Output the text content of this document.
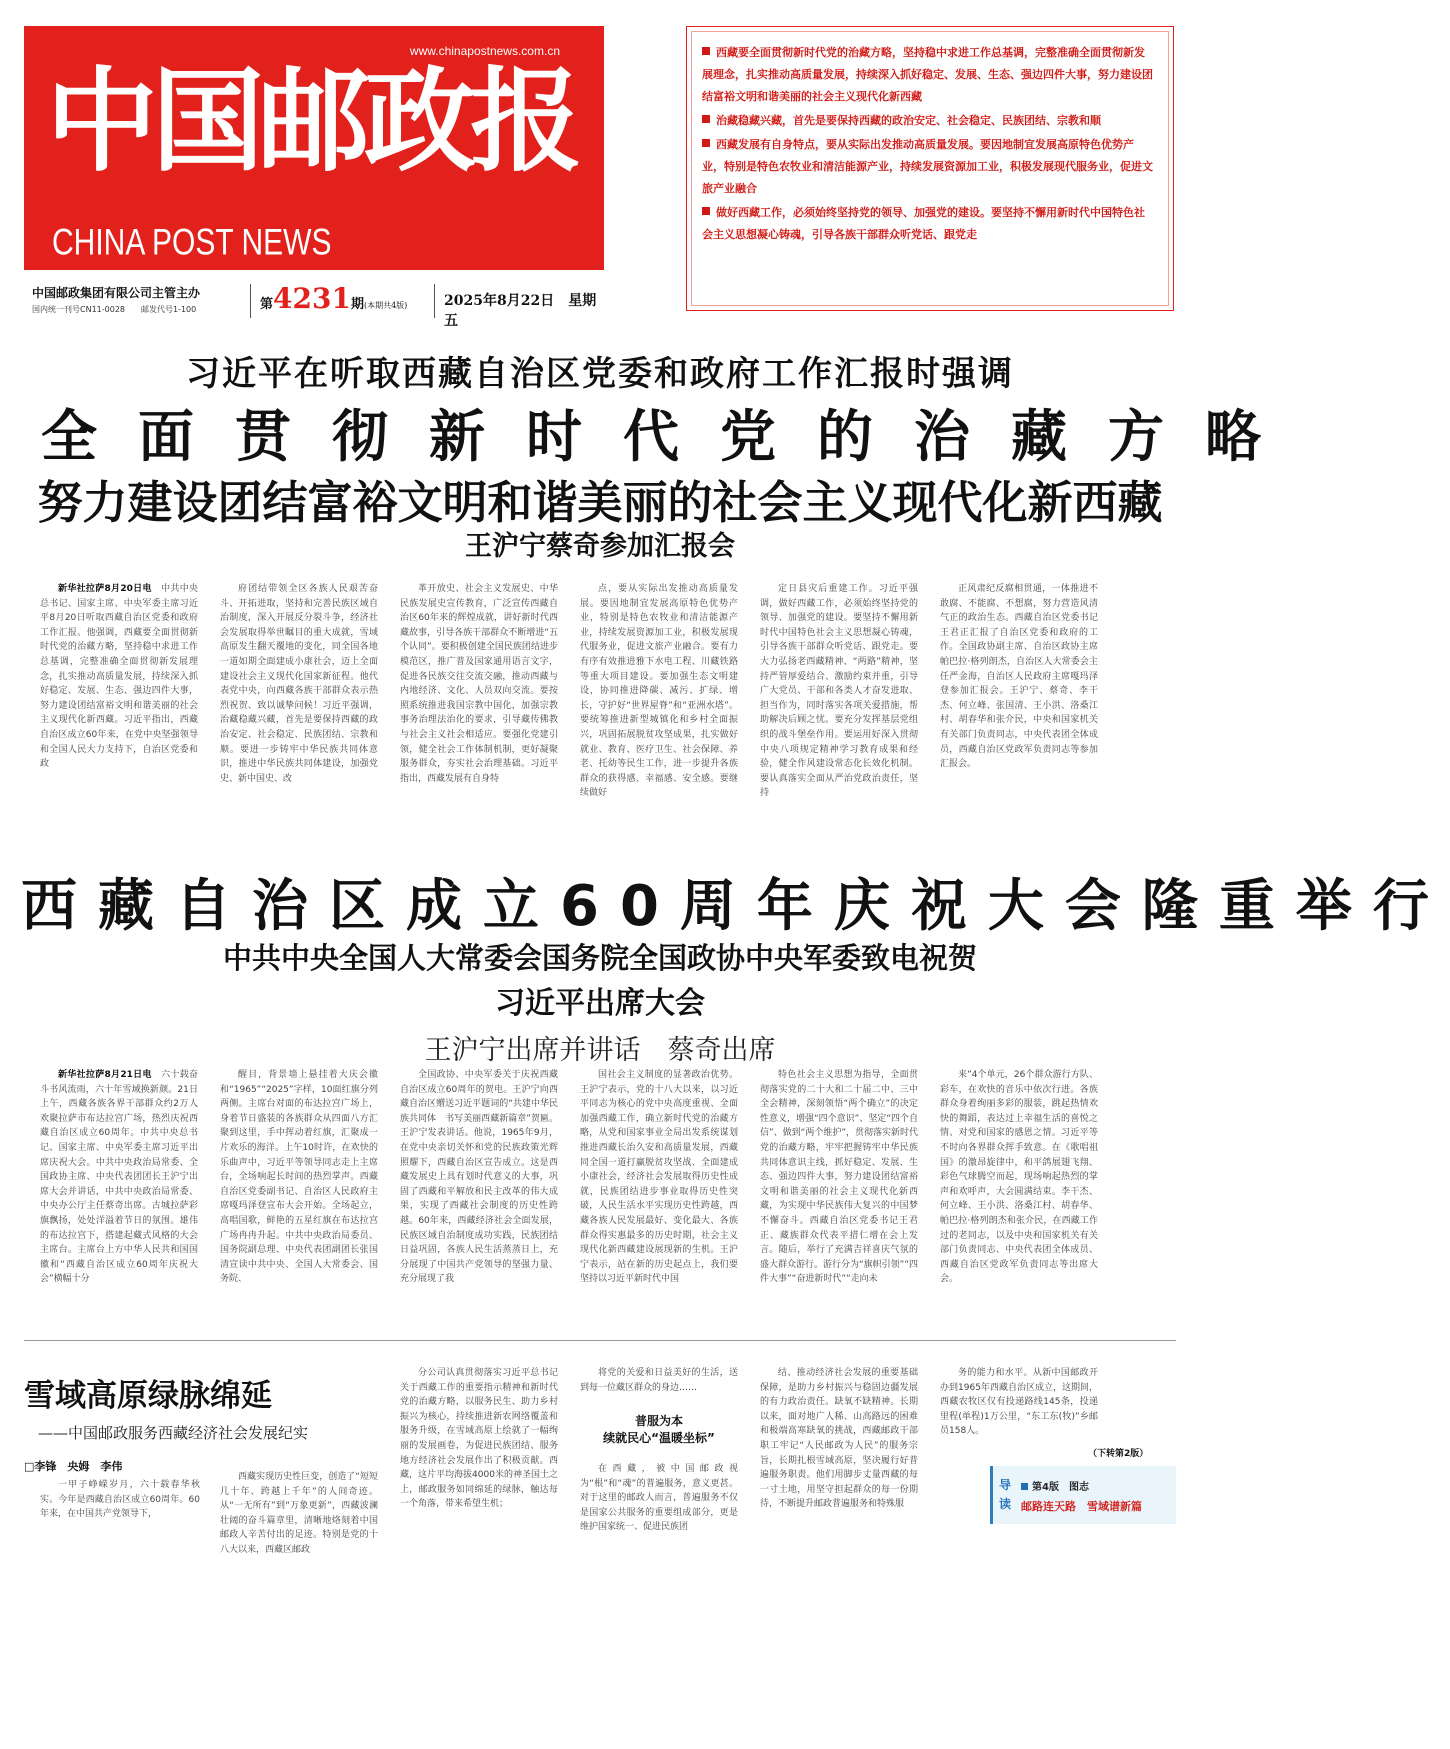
www.chinapostnews.com.cn
中国邮政报
CHINA POST NEWS
中国邮政集团有限公司主管主办
国内统一刊号CN11-0028　　邮发代号1-100	第4231期(本期共4版)	2025年8月22日　星期五
西藏要全面贯彻新时代党的治藏方略，坚持稳中求进工作总基调，完整准确全面贯彻新发展理念，扎实推动高质量发展，持续深入抓好稳定、发展、生态、强边四件大事，努力建设团结富裕文明和谐美丽的社会主义现代化新西藏
治藏稳藏兴藏，首先是要保持西藏的政治安定、社会稳定、民族团结、宗教和顺
西藏发展有自身特点，要从实际出发推动高质量发展。要因地制宜发展高原特色优势产业，特别是特色农牧业和清洁能源产业，持续发展资源加工业，积极发展现代服务业，促进文旅产业融合
做好西藏工作，必须始终坚持党的领导、加强党的建设。要坚持不懈用新时代中国特色社会主义思想凝心铸魂，引导各族干部群众听党话、跟党走
习近平在听取西藏自治区党委和政府工作汇报时强调
全面贯彻新时代党的治藏方略
努力建设团结富裕文明和谐美丽的社会主义现代化新西藏
王沪宁蔡奇参加汇报会

新华社拉萨8月20日电　 中共中央总书记、国家主席、中央军委主席习近平8月20日听取西藏自治区党委和政府工作汇报。他强调，西藏要全面贯彻新时代党的治藏方略，坚持稳中求进工作总基调，完整准确全面贯彻新发展理念，扎实推动高质量发展，持续深入抓好稳定、发展、生态、强边四件大事，努力建设团结富裕文明和谐美丽的社会主义现代化新西藏。习近平指出，西藏自治区成立60年来，在党中央坚强领导和全国人民大力支持下，自治区党委和政

府团结带领全区各族人民艰苦奋斗、开拓进取，坚持和完善民族区域自治制度，深入开展反分裂斗争，经济社会发展取得举世瞩目的重大成就，雪域高原发生翻天覆地的变化，同全国各地一道如期全面建成小康社会，迈上全面建设社会主义现代化国家新征程。他代表党中央，向西藏各族干部群众表示热烈祝贺、致以诚挚问候！习近平强调，治藏稳藏兴藏，首先是要保持西藏的政治安定、社会稳定、民族团结、宗教和顺。要进一步铸牢中华民族共同体意识，推进中华民族共同体建设，加强党史、新中国史、改

革开放史、社会主义发展史、中华民族发展史宣传教育，广泛宣传西藏自治区60年来的辉煌成就，讲好新时代西藏故事，引导各族干部群众不断增进“五个认同”。要积极创建全国民族团结进步模范区，推广普及国家通用语言文字，促进各民族交往交流交融，推动西藏与内地经济、文化、人员双向交流。要按照系统推进我国宗教中国化，加强宗教事务治理法治化的要求，引导藏传佛教与社会主义社会相适应。要强化党建引领，健全社会工作体制机制，更好凝聚服务群众，夯实社会治理基础。习近平指出，西藏发展有自身特

点，要从实际出发推动高质量发展。要因地制宜发展高原特色优势产业，特别是特色农牧业和清洁能源产业，持续发展资源加工业，积极发展现代服务业，促进文旅产业融合。要有力有序有效推进雅下水电工程、川藏铁路等重大项目建设。要加强生态文明建设，协同推进降碳、减污、扩绿、增长，守护好“世界屋脊”和“亚洲水塔”。要统筹推进新型城镇化和乡村全面振兴，巩固拓展脱贫攻坚成果，扎实做好就业、教育、医疗卫生、社会保障、养老、托幼等民生工作，进一步提升各族群众的获得感、幸福感、安全感。要继续做好

定日县灾后重建工作。习近平强调，做好西藏工作，必须始终坚持党的领导、加强党的建设。要坚持不懈用新时代中国特色社会主义思想凝心铸魂，引导各族干部群众听党话、跟党走。要大力弘扬老西藏精神、“两路”精神，坚持严管厚爱结合、激励约束并重，引导广大党员、干部和各类人才奋发进取、担当作为，同时落实各项关爱措施，帮助解决后顾之忧。要充分发挥基层党组织的战斗堡垒作用。要运用好深入贯彻中央八项规定精神学习教育成果和经验，健全作风建设常态化长效化机制。要认真落实全面从严治党政治责任，坚持

正风肃纪反腐相贯通，一体推进不敢腐、不能腐、不想腐，努力营造风清气正的政治生态。西藏自治区党委书记王君正汇报了自治区党委和政府的工作。全国政协副主席、自治区政协主席帕巴拉·格列朗杰，自治区人大常委会主任严金海，自治区人民政府主席嘎玛泽登参加汇报会。王沪宁、蔡奇、李干杰、何立峰、张国清、王小洪、洛桑江村、胡春华和张介民，中央和国家机关有关部门负责同志，中央代表团全体成员，西藏自治区党政军负责同志等参加汇报会。

西藏自治区成立60周年庆祝大会隆重举行
中共中央全国人大常委会国务院全国政协中央军委致电祝贺
习近平出席大会
王沪宁出席并讲话　蔡奇出席

新华社拉萨8月21日电　 六十载奋斗书风流雨，六十年雪域换新颜。21日上午，西藏各族各界干部群众约2万人欢聚拉萨市布达拉宫广场，热烈庆祝西藏自治区成立60周年。中共中央总书记、国家主席、中央军委主席习近平出席庆祝大会。中共中央政治局常委、全国政协主席、中央代表团团长王沪宁出席大会并讲话，中共中央政治局常委、中央办公厅主任蔡奇出席。古城拉萨彩旗飘扬，处处洋溢着节日的氛围。雄伟的布达拉宫下，搭建起藏式风格的大会主席台。主席台上方中华人民共和国国徽和“西藏自治区成立60周年庆祝大会”横幅十分

醒目，背景墙上悬挂着大庆会徽和“1965”“2025”字样，10面红旗分列两侧。主席台对面的布达拉宫广场上，身着节日盛装的各族群众从四面八方汇聚到这里，手中挥动着红旗，汇聚成一片欢乐的海洋。上午10时许，在欢快的乐曲声中，习近平等领导同志走上主席台，全场响起长时间的热烈掌声。西藏自治区党委副书记、自治区人民政府主席嘎玛泽登宣布大会开始。全场起立，高唱国歌，鲜艳的五星红旗在布达拉宫广场冉冉升起。中共中央政治局委员、国务院副总理、中央代表团副团长张国清宣读中共中央、全国人大常委会、国务院、

全国政协、中央军委关于庆祝西藏自治区成立60周年的贺电。王沪宁向西藏自治区赠送习近平题词的“共建中华民族共同体　书写美丽西藏新篇章”贺匾。王沪宁发表讲话。他说，1965年9月，在党中央亲切关怀和党的民族政策光辉照耀下，西藏自治区宣告成立。这是西藏发展史上具有划时代意义的大事，巩固了西藏和平解放和民主改革的伟大成果，实现了西藏社会制度的历史性跨越。60年来，西藏经济社会全面发展，民族区域自治制度成功实践，民族团结日益巩固，各族人民生活蒸蒸日上，充分展现了中国共产党领导的坚强力量、充分展现了我

国社会主义制度的显著政治优势。王沪宁表示，党的十八大以来，以习近平同志为核心的党中央高度重视、全面加强西藏工作，确立新时代党的治藏方略，从党和国家事业全局出发系统谋划推进西藏长治久安和高质量发展，西藏同全国一道打赢脱贫攻坚战、全面建成小康社会，经济社会发展取得历史性成就，民族团结进步事业取得历史性突破，人民生活水平实现历史性跨越，西藏各族人民发展最好、变化最大、各族群众得实惠最多的历史时期，社会主义现代化新西藏建设展现新的生机。王沪宁表示，站在新的历史起点上，我们要坚持以习近平新时代中国

特色社会主义思想为指导，全面贯彻落实党的二十大和二十届二中、三中全会精神，深刻领悟“两个确立”的决定性意义，增强“四个意识”、坚定“四个自信”、做到“两个维护”，贯彻落实新时代党的治藏方略，牢牢把握铸牢中华民族共同体意识主线，抓好稳定、发展、生态、强边四件大事，努力建设团结富裕文明和谐美丽的社会主义现代化新西藏，为实现中华民族伟大复兴的中国梦不懈奋斗。西藏自治区党委书记王君正、藏族群众代表平措仁增在会上发言。随后，举行了充满吉祥喜庆气氛的盛大群众游行。游行分为“旗帜引领”“四件大事”“奋进新时代”“走向未

来”4个单元，26个群众游行方队、彩车，在欢快的音乐中依次行进。各族群众身着绚丽多彩的服装，跳起热情欢快的舞蹈，表达过上幸福生活的喜悦之情、对党和国家的感恩之情。习近平等不时向各界群众挥手致意。在《歌唱祖国》的激昂旋律中，和平鸽展翅飞翔、彩色气球腾空而起，现场响起热烈的掌声和欢呼声，大会圆满结束。李干杰、何立峰、王小洪、洛桑江村、胡春华、帕巴拉·格列朗杰和张介民，在西藏工作过的老同志，以及中央和国家机关有关部门负责同志、中央代表团全体成员、西藏自治区党政军负责同志等出席大会。

雪域高原绿脉绵延
——中国邮政服务西藏经济社会发展纪实
□李锋　央姆　李伟

一甲子峥嵘岁月，六十载春华秋实。今年是西藏自治区成立60周年。60年来，在中国共产党领导下，

西藏实现历史性巨变，创造了“短短几十年、跨越上千年”的人间奇迹。从“一无所有”到“万象更新”，西藏波澜壮阔的奋斗篇章里，清晰地烙刻着中国邮政人辛苦付出的足迹。特别是党的十八大以来，西藏区邮政

分公司认真贯彻落实习近平总书记关于西藏工作的重要指示精神和新时代党的治藏方略，以服务民生、助力乡村振兴为核心，持续推进新农网络覆盖和服务升级，在雪域高原上绘就了一幅绚丽的发展画卷，为促进民族团结、服务地方经济社会发展作出了积极贡献。西藏，这片平均海拔4000米的神圣国土之上，邮政服务如同绵延的绿脉，触达每一个角落，带来希望生机；

将党的关爱和日益美好的生活，送到每一位藏区群众的身边……

普服为本
续就民心“温暖坐标”

在西藏，被中国邮政视为“根”和“魂”的普遍服务，意义更甚。对于这里的邮政人而言，普遍服务不仅是国家公共服务的重要组成部分，更是维护国家统一、促进民族团

结、推动经济社会发展的重要基础保障，是助力乡村振兴与稳固边疆发展的有力政治责任。缺氧不缺精神。长期以来，面对地广人稀、山高路远的困难和极端高寒缺氧的挑战，西藏邮政干部职工牢记“人民邮政为人民”的服务宗旨，长期扎根雪域高原，坚决履行好普遍服务职责。他们用脚步丈量西藏的每一寸土地，用坚守担起群众的每一份期待，不断提升邮政普遍服务和特殊服

务的能力和水平。从新中国邮政开办到1965年西藏自治区成立，这期间，西藏农牧区仅有投递路线145条，投递里程(单程)1万公里，“东工东(牧)”乡邮员158人。

（下转第2版）
导读
第4版　图志
邮路连天路　雪域谱新篇
